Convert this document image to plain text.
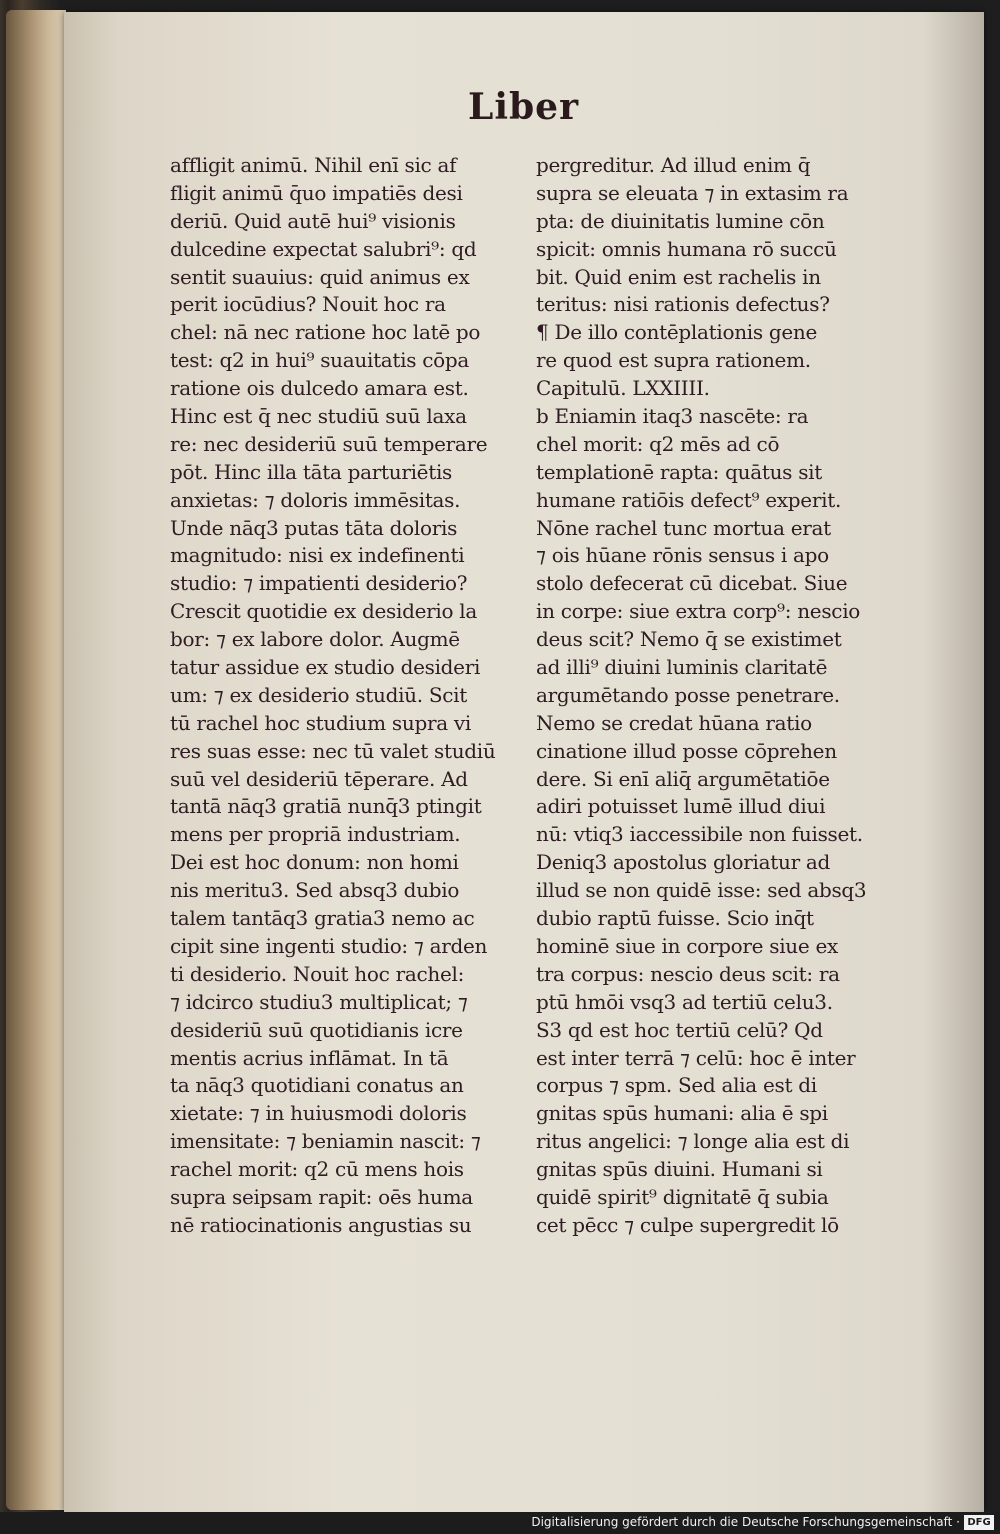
Liber
affligit animū. Nihil enī sic af
fligit animū q̄uo impatiēs desi
deriū. Quid autē hui⁹ visionis
dulcedine expectat salubri⁹: qd
sentit suauius: quid animus ex
perit iocūdius? Nouit hoc ra
chel: nā nec ratione hoc latē po
test: q2 in hui⁹ suauitatis cōpa
ratione ois dulcedo amara est.
Hinc est q̄ nec studiū suū laxa
re: nec desideriū suū temperare
pōt. Hinc illa tāta parturiētis
anxietas: ⁊ doloris immēsitas.
Unde nāq3 putas tāta doloris
magnitudo: nisi ex indefinenti
studio: ⁊ impatienti desiderio?
Crescit quotidie ex desiderio la
bor: ⁊ ex labore dolor. Augmē
tatur assidue ex studio desideri
um: ⁊ ex desiderio studiū. Scit
tū rachel hoc studium supra vi
res suas esse: nec tū valet studiū
suū vel desideriū tēperare. Ad
tantā nāq3 gratiā nunq̄3 ptingit
mens per propriā industriam.
Dei est hoc donum: non homi
nis meritu3. Sed absq3 dubio
talem tantāq3 gratia3 nemo ac
cipit sine ingenti studio: ⁊ arden
ti desiderio. Nouit hoc rachel:
⁊ idcirco studiu3 multiplicat; ⁊
desideriū suū quotidianis icre
mentis acrius inflāmat. In tā
ta nāq3 quotidiani conatus an
xietate: ⁊ in huiusmodi doloris
imensitate: ⁊ beniamin nascit: ⁊
rachel morit: q2 cū mens hois
supra seipsam rapit: oēs huma
nē ratiocinationis angustias su
pergreditur. Ad illud enim q̄
supra se eleuata ⁊ in extasim ra
pta: de diuinitatis lumine cōn
spicit: omnis humana rō succū
bit. Quid enim est rachelis in
teritus: nisi rationis defectus?
¶ De illo contēplationis gene
re quod est supra rationem.
Capitulū. LXXIIII.
b Eniamin itaq3 nascēte: ra
chel morit: q2 mēs ad cō
templationē rapta: quātus sit
humane ratiōis defect⁹ experit.
Nōne rachel tunc mortua erat
⁊ ois hūane rōnis sensus i apo
stolo defecerat cū dicebat. Siue
in corpe: siue extra corp⁹: nescio
deus scit? Nemo q̄ se existimet
ad illi⁹ diuini luminis claritatē
argumētando posse penetrare.
Nemo se credat hūana ratio
cinatione illud posse cōprehen
dere. Si enī aliq̄ argumētatiōe
adiri potuisset lumē illud diui
nū: vtiq3 iaccessibile non fuisset.
Deniq3 apostolus gloriatur ad
illud se non quidē isse: sed absq3
dubio raptū fuisse. Scio inq̄t
hominē siue in corpore siue ex
tra corpus: nescio deus scit: ra
ptū hmōi vsq3 ad tertiū celu3.
S3 qd est hoc tertiū celū? Qd
est inter terrā ⁊ celū: hoc ē inter
corpus ⁊ spm. Sed alia est di
gnitas spūs humani: alia ē spi
ritus angelici: ⁊ longe alia est di
gnitas spūs diuini. Humani si
quidē spirit⁹ dignitatē q̄ subia
cet pēcc ⁊ culpe supergredit lō
Digitalisierung gefördert durch die Deutsche Forschungsgemeinschaft · DFG
